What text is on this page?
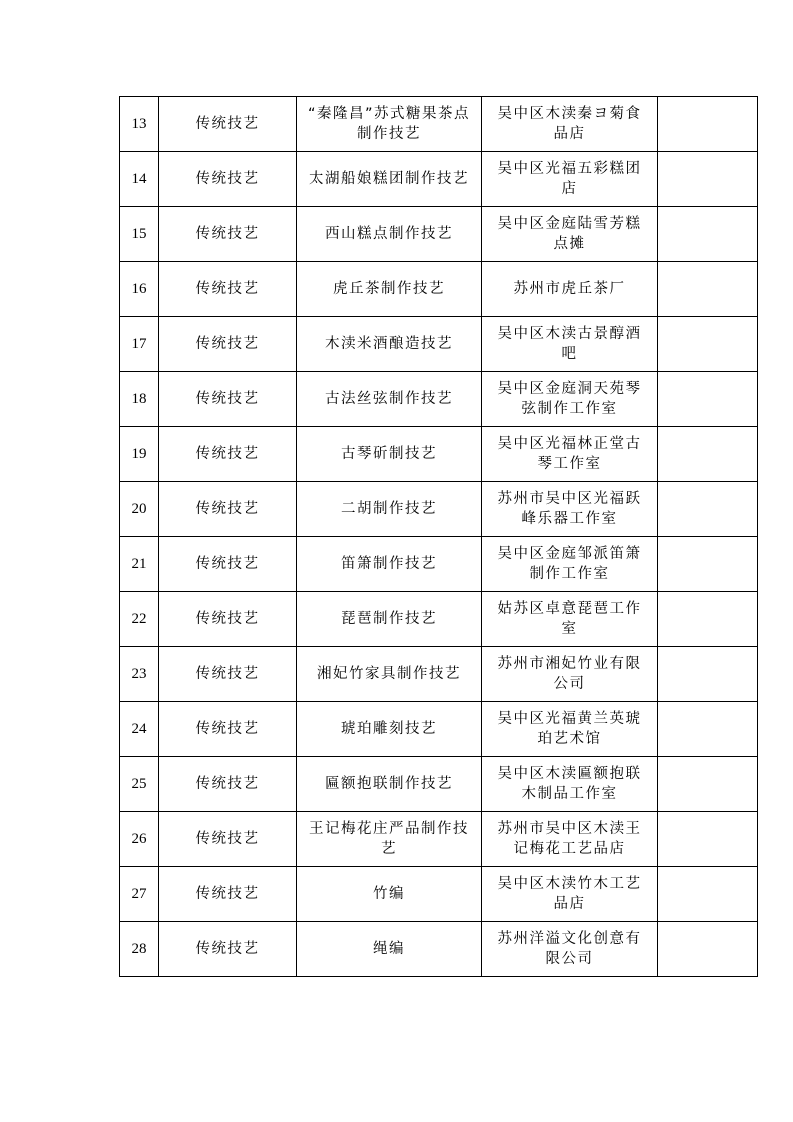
13	传统技艺	“秦隆昌”苏式糖果茶点制作技艺	吴中区木渎秦ヨ菊食品店	
14	传统技艺	太湖船娘糕团制作技艺	吴中区光福五彩糕团店	
15	传统技艺	西山糕点制作技艺	吴中区金庭陆雪芳糕点摊	
16	传统技艺	虎丘茶制作技艺	苏州市虎丘茶厂	
17	传统技艺	木渎米酒酿造技艺	吴中区木渎古景醇酒吧	
18	传统技艺	古法丝弦制作技艺	吴中区金庭洞天苑琴弦制作工作室	
19	传统技艺	古琴斫制技艺	吴中区光福林正堂古琴工作室	
20	传统技艺	二胡制作技艺	苏州市吴中区光福跃峰乐器工作室	
21	传统技艺	笛箫制作技艺	吴中区金庭邹派笛箫制作工作室	
22	传统技艺	琵琶制作技艺	姑苏区卓意琵琶工作室	
23	传统技艺	湘妃竹家具制作技艺	苏州市湘妃竹业有限公司	
24	传统技艺	琥珀雕刻技艺	吴中区光福黄兰英琥珀艺术馆	
25	传统技艺	匾额抱联制作技艺	吴中区木渎匾额抱联木制品工作室	
26	传统技艺	王记梅花庄严品制作技艺	苏州市吴中区木渎王记梅花工艺品店	
27	传统技艺	竹编	吴中区木渎竹木工艺品店	
28	传统技艺	绳编	苏州洋溢文化创意有限公司	
